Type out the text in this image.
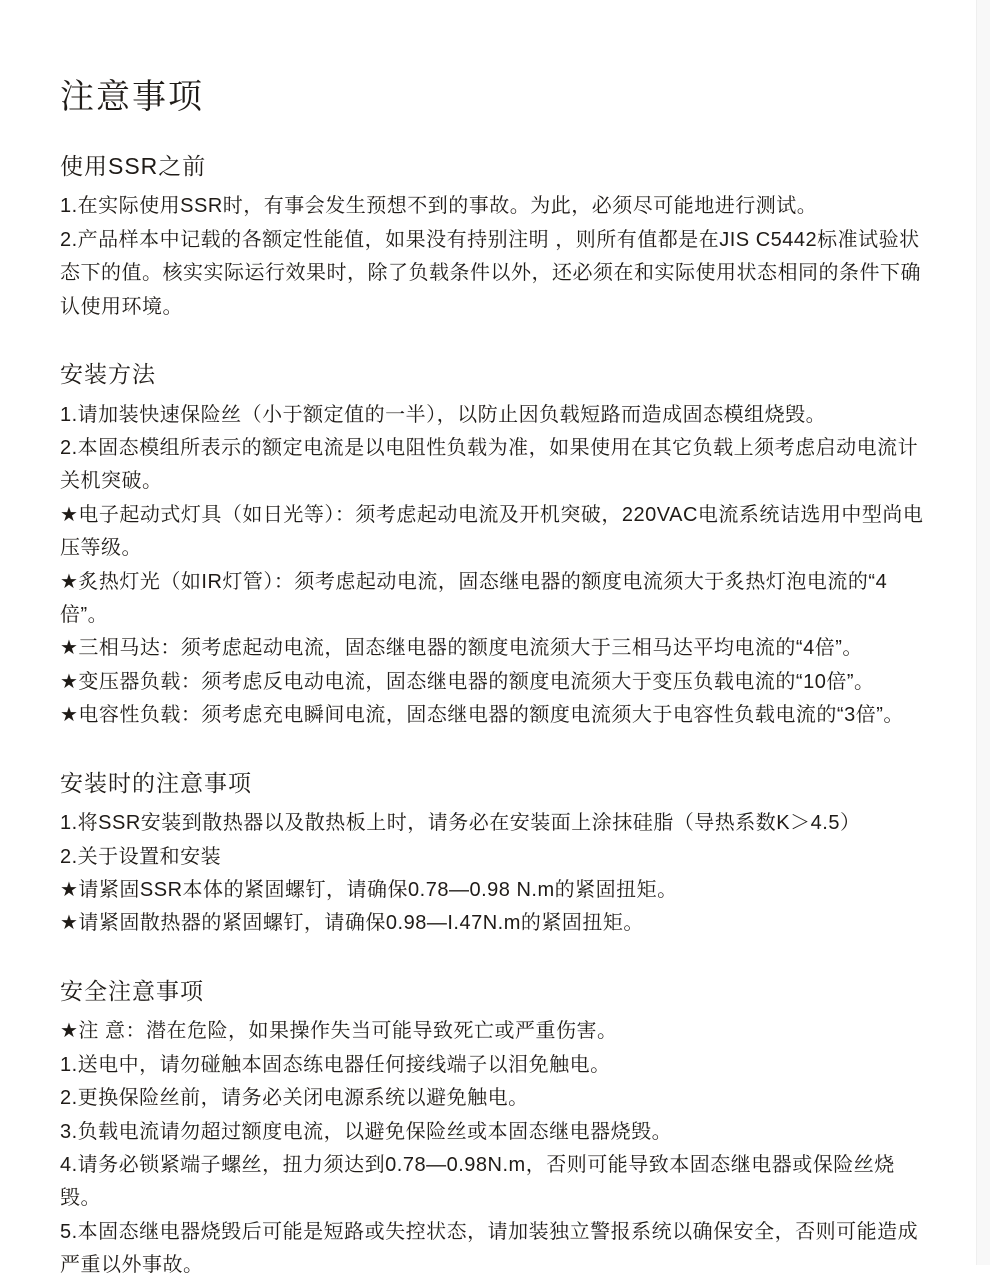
注意事项
使用SSR之前

1.在实际使用SSR时，有事会发生预想不到的事故。为此，必须尽可能地进行测试。

2.产品样本中记载的各额定性能值，如果没有持别注明 ，则所有值都是在JIS C5442标准试验状态下的值。核实实际运行效果时，除了负载条件以外，还必须在和实际使用状态相同的条件下确认使用环境。

安装方法

1.请加装快速保险丝（小于额定值的一半），以防止因负载短路而造成固态模组烧毁。

2.本固态模组所表示的额定电流是以电阻性负载为准，如果使用在其它负载上须考虑启动电流计关机突破。

★电子起动式灯具（如日光等）：须考虑起动电流及开机突破，220VAC电流系统诘选用中型尚电压等级。

★炙热灯光（如IR灯管）：须考虑起动电流，固态继电器的额度电流须大于炙热灯泡电流的“4倍”。

★三相马达：须考虑起动电流，固态继电器的额度电流须大于三相马达平均电流的“4倍”。

★变压器负载：须考虑反电动电流，固态继电器的额度电流须大于变压负载电流的“10倍”。

★电容性负载：须考虑充电瞬间电流，固态继电器的额度电流须大于电容性负载电流的“3倍”。

安装时的注意事项

1.将SSR安装到散热器以及散热板上时，请务必在安装面上涂抹硅脂（导热系数K＞4.5）

2.关于设置和安装

★请紧固SSR本体的紧固螺钉，请确保0.78—0.98 N.m的紧固扭矩。

★请紧固散热器的紧固螺钉，请确保0.98—I.47N.m的紧固扭矩。

安全注意事项

★注 意：潜在危险，如果操作失当可能导致死亡或严重伤害。

1.送电中，请勿碰触本固态练电器任何接线端子以泪免触电。

2.更换保险丝前，请务必关闭电源系统以避免触电。

3.负载电流请勿超过额度电流，以避免保险丝或本固态继电器烧毁。

4.请务必锁紧端子螺丝，扭力须达到0.78—0.98N.m，否则可能导致本固态继电器或保险丝烧毁。

5.本固态继电器烧毁后可能是短路或失控状态，请加装独立警报系统以确保安全，否则可能造成严重以外事故。
